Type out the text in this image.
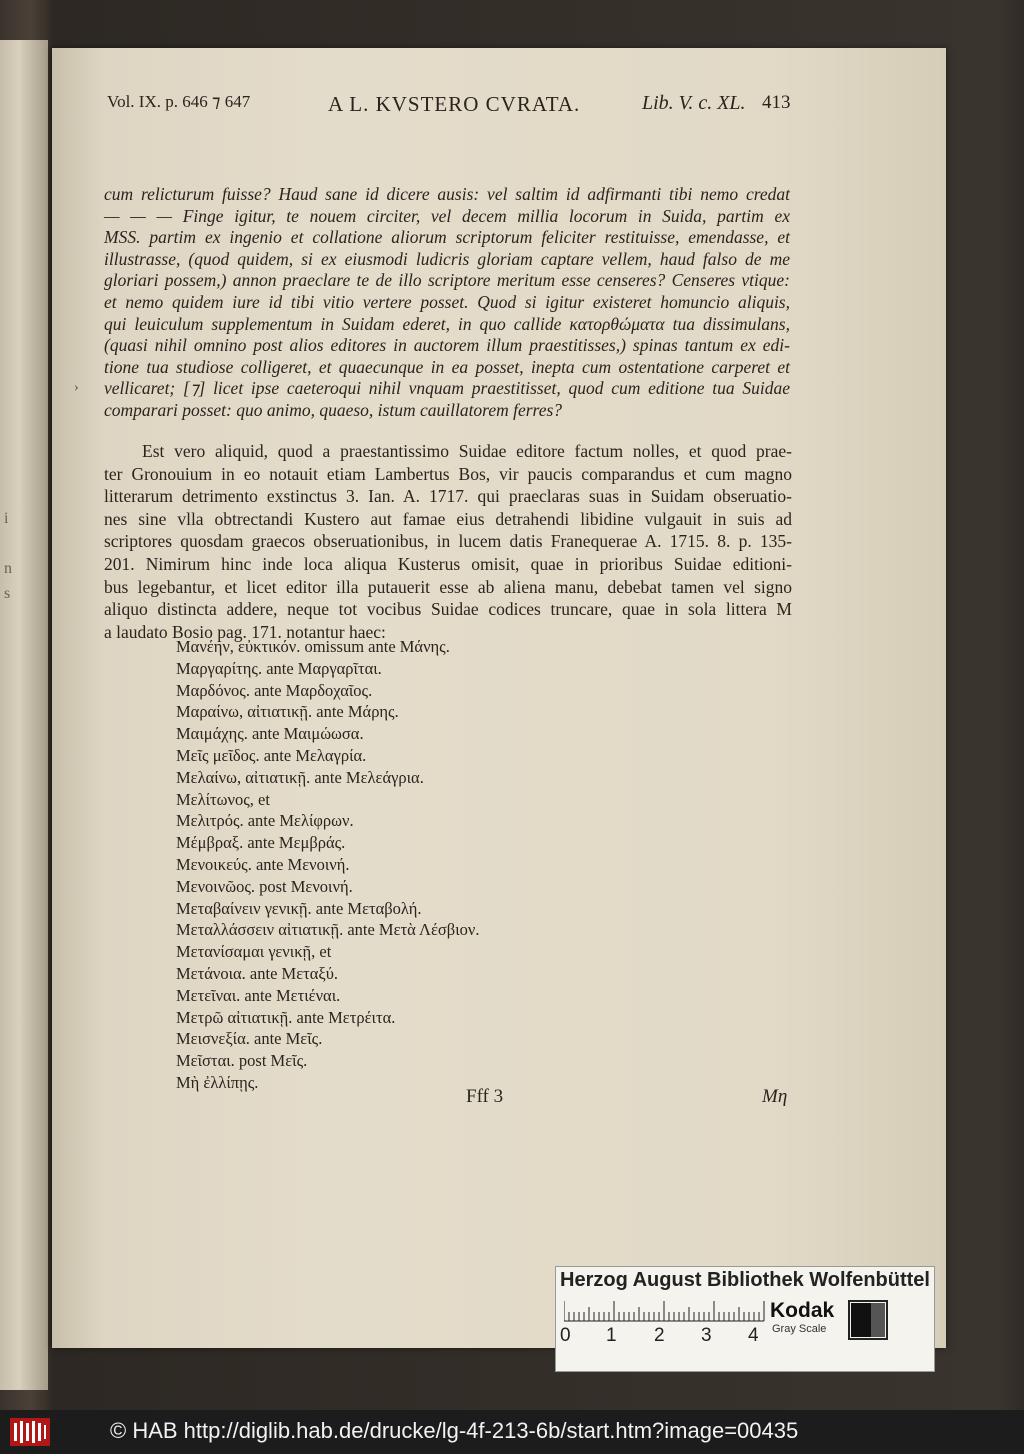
i
n
s
Vol. IX. p. 646 ⁊ 647	A L. KVSTERO CVRATA.	Lib. V. c. XL. 413
cum relicturum fuisse? Haud sane id dicere ausis: vel saltim id adfirmanti tibi nemo credat
— — — Finge igitur, te nouem circiter, vel decem millia locorum in Suida, partim ex
MSS. partim ex ingenio et collatione aliorum scriptorum feliciter restituisse, emendasse, et
illustrasse, (quod quidem, si ex eiusmodi ludicris gloriam captare vellem, haud falso de me
gloriari possem,) annon praeclare te de illo scriptore meritum esse censeres? Censeres vtique:
et nemo quidem iure id tibi vitio vertere posset. Quod si igitur existeret homuncio aliquis,
qui leuiculum supplementum in Suidam ederet, in quo callide κατορθώματα tua dissimulans,
(quasi nihil omnino post alios editores in auctorem illum praestitisses,) spinas tantum ex edi-
tione tua studiose colligeret, et quaecunque in ea posset, inepta cum ostentatione carperet et
vellicaret; [⁊] licet ipse caeteroqui nihil vnquam praestitisset, quod cum editione tua Suidae
comparari posset: quo animo, quaeso, istum cauillatorem ferres?
›
Est vero aliquid, quod a praestantissimo Suidae editore factum nolles, et quod prae-
ter Gronouium in eo notauit etiam Lambertus Bos, vir paucis comparandus et cum magno
litterarum detrimento exstinctus 3. Ian. A. 1717. qui praeclaras suas in Suidam obseruatio-
nes sine vlla obtrectandi Kustero aut famae eius detrahendi libidine vulgauit in suis ad
scriptores quosdam graecos obseruationibus, in lucem datis Franequerae A. 1715. 8. p. 135-
201. Nimirum hinc inde loca aliqua Kusterus omisit, quae in prioribus Suidae editioni-
bus legebantur, et licet editor illa putauerit esse ab aliena manu, debebat tamen vel signo
aliquo distincta addere, neque tot vocibus Suidae codices truncare, quae in sola littera M
a laudato Bosio pag. 171. notantur haec:
Μανέην, εὐκτικόν. omissum ante Μάνης.
Μαργαρίτης. ante Μαργαρῖται.
Μαρδόνος. ante Μαρδοχαῖος.
Μαραίνω, αἰτιατικῇ. ante Μάρης.
Μαιμάχης. ante Μαιμώωσα.
Μεῖς μεῖδος. ante Μελαγρία.
Μελαίνω, αἰτιατικῇ. ante Μελεάγρια.
Μελίτωνος, et
Μελιτρός. ante Μελίφρων.
Μέμβραξ. ante Μεμβράς.
Μενοικεύς. ante Μενοινή.
Μενοινῶος. post Μενοινή.
Μεταβαίνειν γενικῇ. ante Μεταβολή.
Μεταλλάσσειν αἰτιατικῇ. ante Μετὰ Λέσβιον.
Μετανίσαμαι γενικῇ, et
Μετάνοια. ante Μεταξύ.
Μετεῖναι. ante Μετιέναι.
Μετρῶ αἰτιατικῇ. ante Μετρέιτα.
Μεισνεξία. ante Μεῖς.
Μεῖσται. post Μεῖς.
Μὴ ἐλλίπῃς.
Fff 3	Μη
Herzog August Bibliothek Wolfenbüttel
0 1 2 3 4
Kodak
Gray Scale
© HAB http://diglib.hab.de/drucke/lg-4f-213-6b/start.htm?image=00435
